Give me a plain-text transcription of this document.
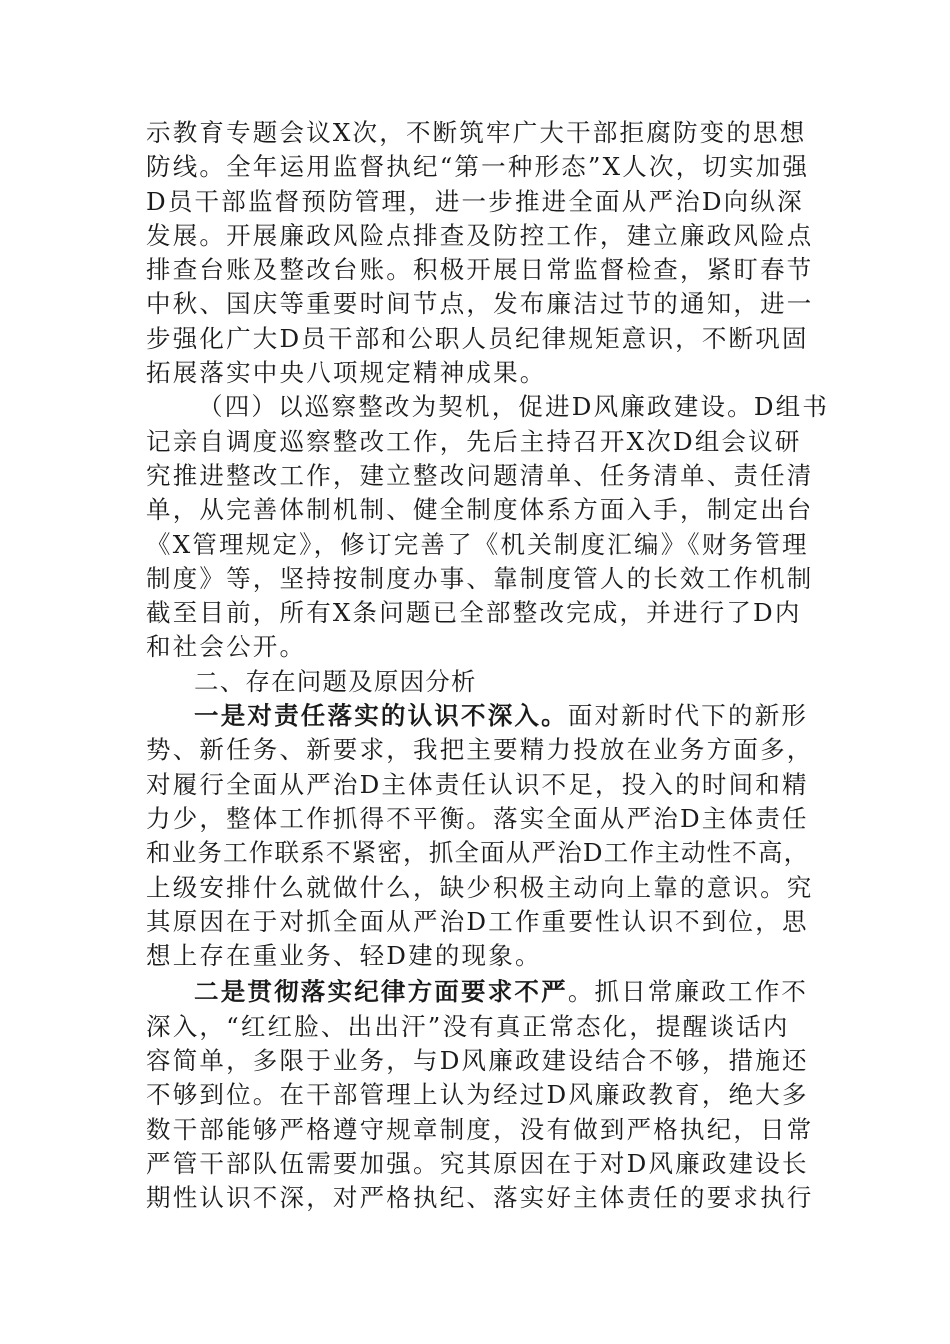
示教育专题会议X次，不断筑牢广大干部拒腐防变的思想
防线。全年运用监督执纪“第一种形态”X人次，切实加强
D员干部监督预防管理，进一步推进全面从严治D向纵深
发展。开展廉政风险点排查及防控工作，建立廉政风险点
排查台账及整改台账。积极开展日常监督检查，紧盯春节
中秋、国庆等重要时间节点，发布廉洁过节的通知，进一
步强化广大D员干部和公职人员纪律规矩意识，不断巩固
拓展落实中央八项规定精神成果。
（四）以巡察整改为契机，促进D风廉政建设。D组书
记亲自调度巡察整改工作，先后主持召开X次D组会议研
究推进整改工作，建立整改问题清单、任务清单、责任清
单，从完善体制机制、健全制度体系方面入手，制定出台
《X管理规定》，修订完善了《机关制度汇编》《财务管理
制度》等，坚持按制度办事、靠制度管人的长效工作机制
截至目前，所有X条问题已全部整改完成，并进行了D内
和社会公开。
二、存在问题及原因分析
一是对责任落实的认识不深入。面对新时代下的新形
势、新任务、新要求，我把主要精力投放在业务方面多，
对履行全面从严治D主体责任认识不足，投入的时间和精
力少，整体工作抓得不平衡。落实全面从严治D主体责任
和业务工作联系不紧密，抓全面从严治D工作主动性不高，
上级安排什么就做什么，缺少积极主动向上靠的意识。究
其原因在于对抓全面从严治D工作重要性认识不到位，思
想上存在重业务、轻D建的现象。
二是贯彻落实纪律方面要求不严。抓日常廉政工作不
深入，“红红脸、出出汗”没有真正常态化，提醒谈话内
容简单，多限于业务，与D风廉政建设结合不够，措施还
不够到位。在干部管理上认为经过D风廉政教育，绝大多
数干部能够严格遵守规章制度，没有做到严格执纪，日常
严管干部队伍需要加强。究其原因在于对D风廉政建设长
期性认识不深，对严格执纪、落实好主体责任的要求执行
